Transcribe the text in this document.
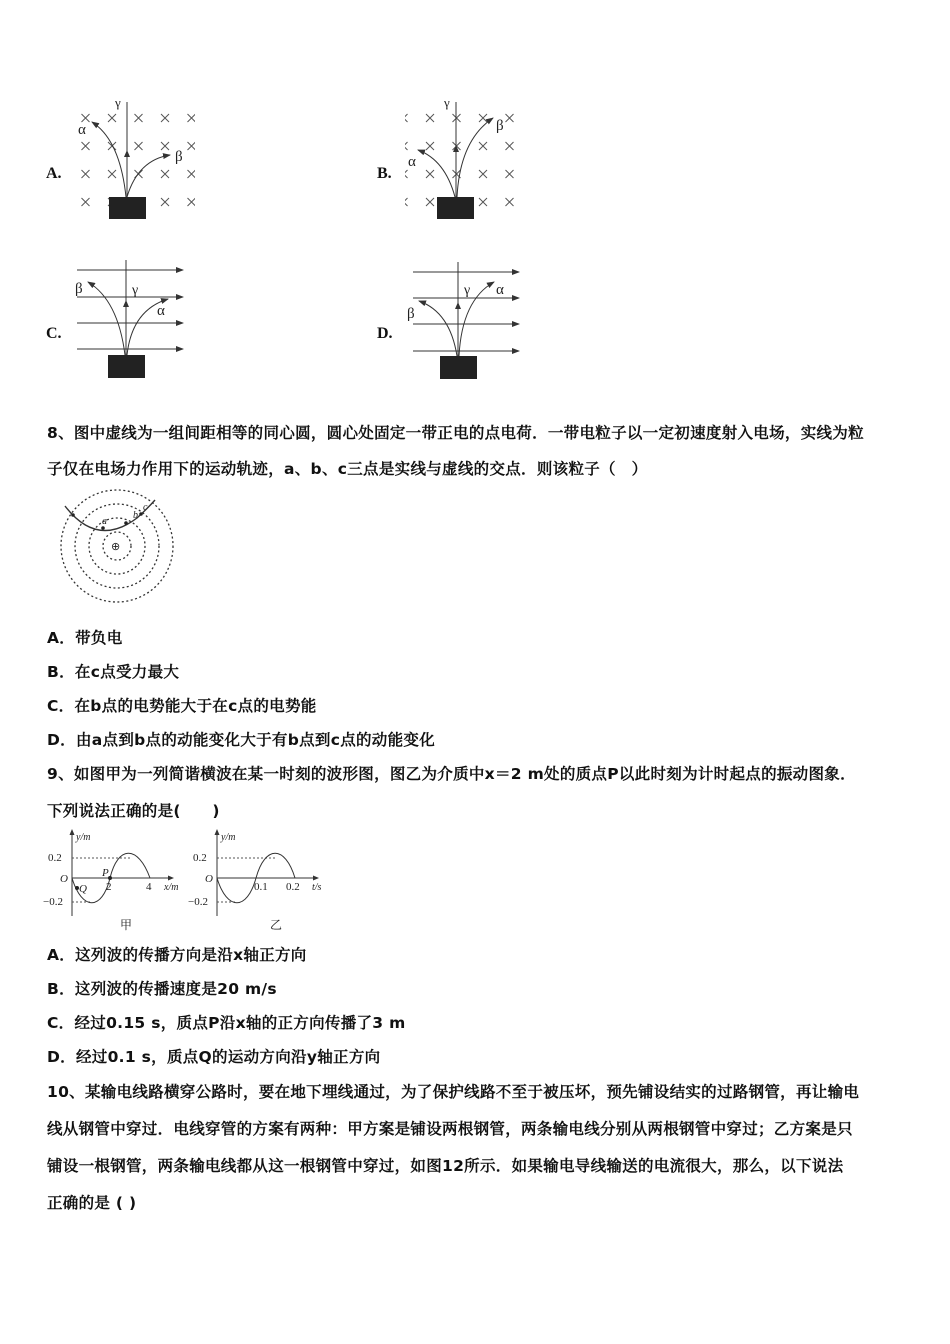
A.	B.
C.	D.
γ
α
β
γ
α
β
γ
β
α
γ
β
α
8、图中虚线为一组间距相等的同心圆，圆心处固定一带正电的点电荷．一带电粒子以一定初速度射入电场，实线为粒
子仅在电场力作用下的运动轨迹，a、b、c三点是实线与虚线的交点．则该粒子（　）
a
b
c
⊕
A．带负电
B．在c点受力最大
C．在b点的电势能大于在c点的电势能
D．由a点到b点的动能变化大于有b点到c点的动能变化
9、如图甲为一列简谐横波在某一时刻的波形图，图乙为介质中x＝2 m处的质点P以此时刻为计时起点的振动图象．
下列说法正确的是(　　)
y/m
0.2
−0.2
O
2	4 x/m
P
Q
甲
y/m
0.2
−0.2
O
0.1 0.2 t/s
乙
A．这列波的传播方向是沿x轴正方向
B．这列波的传播速度是20 m/s
C．经过0.15 s，质点P沿x轴的正方向传播了3 m
D．经过0.1 s，质点Q的运动方向沿y轴正方向
10、某输电线路横穿公路时，要在地下埋线通过，为了保护线路不至于被压坏，预先铺设结实的过路钢管，再让输电
线从钢管中穿过．电线穿管的方案有两种：甲方案是铺设两根钢管，两条输电线分别从两根钢管中穿过；乙方案是只
铺设一根钢管，两条输电线都从这一根钢管中穿过，如图12所示．如果输电导线输送的电流很大，那么，以下说法
正确的是 ( )
